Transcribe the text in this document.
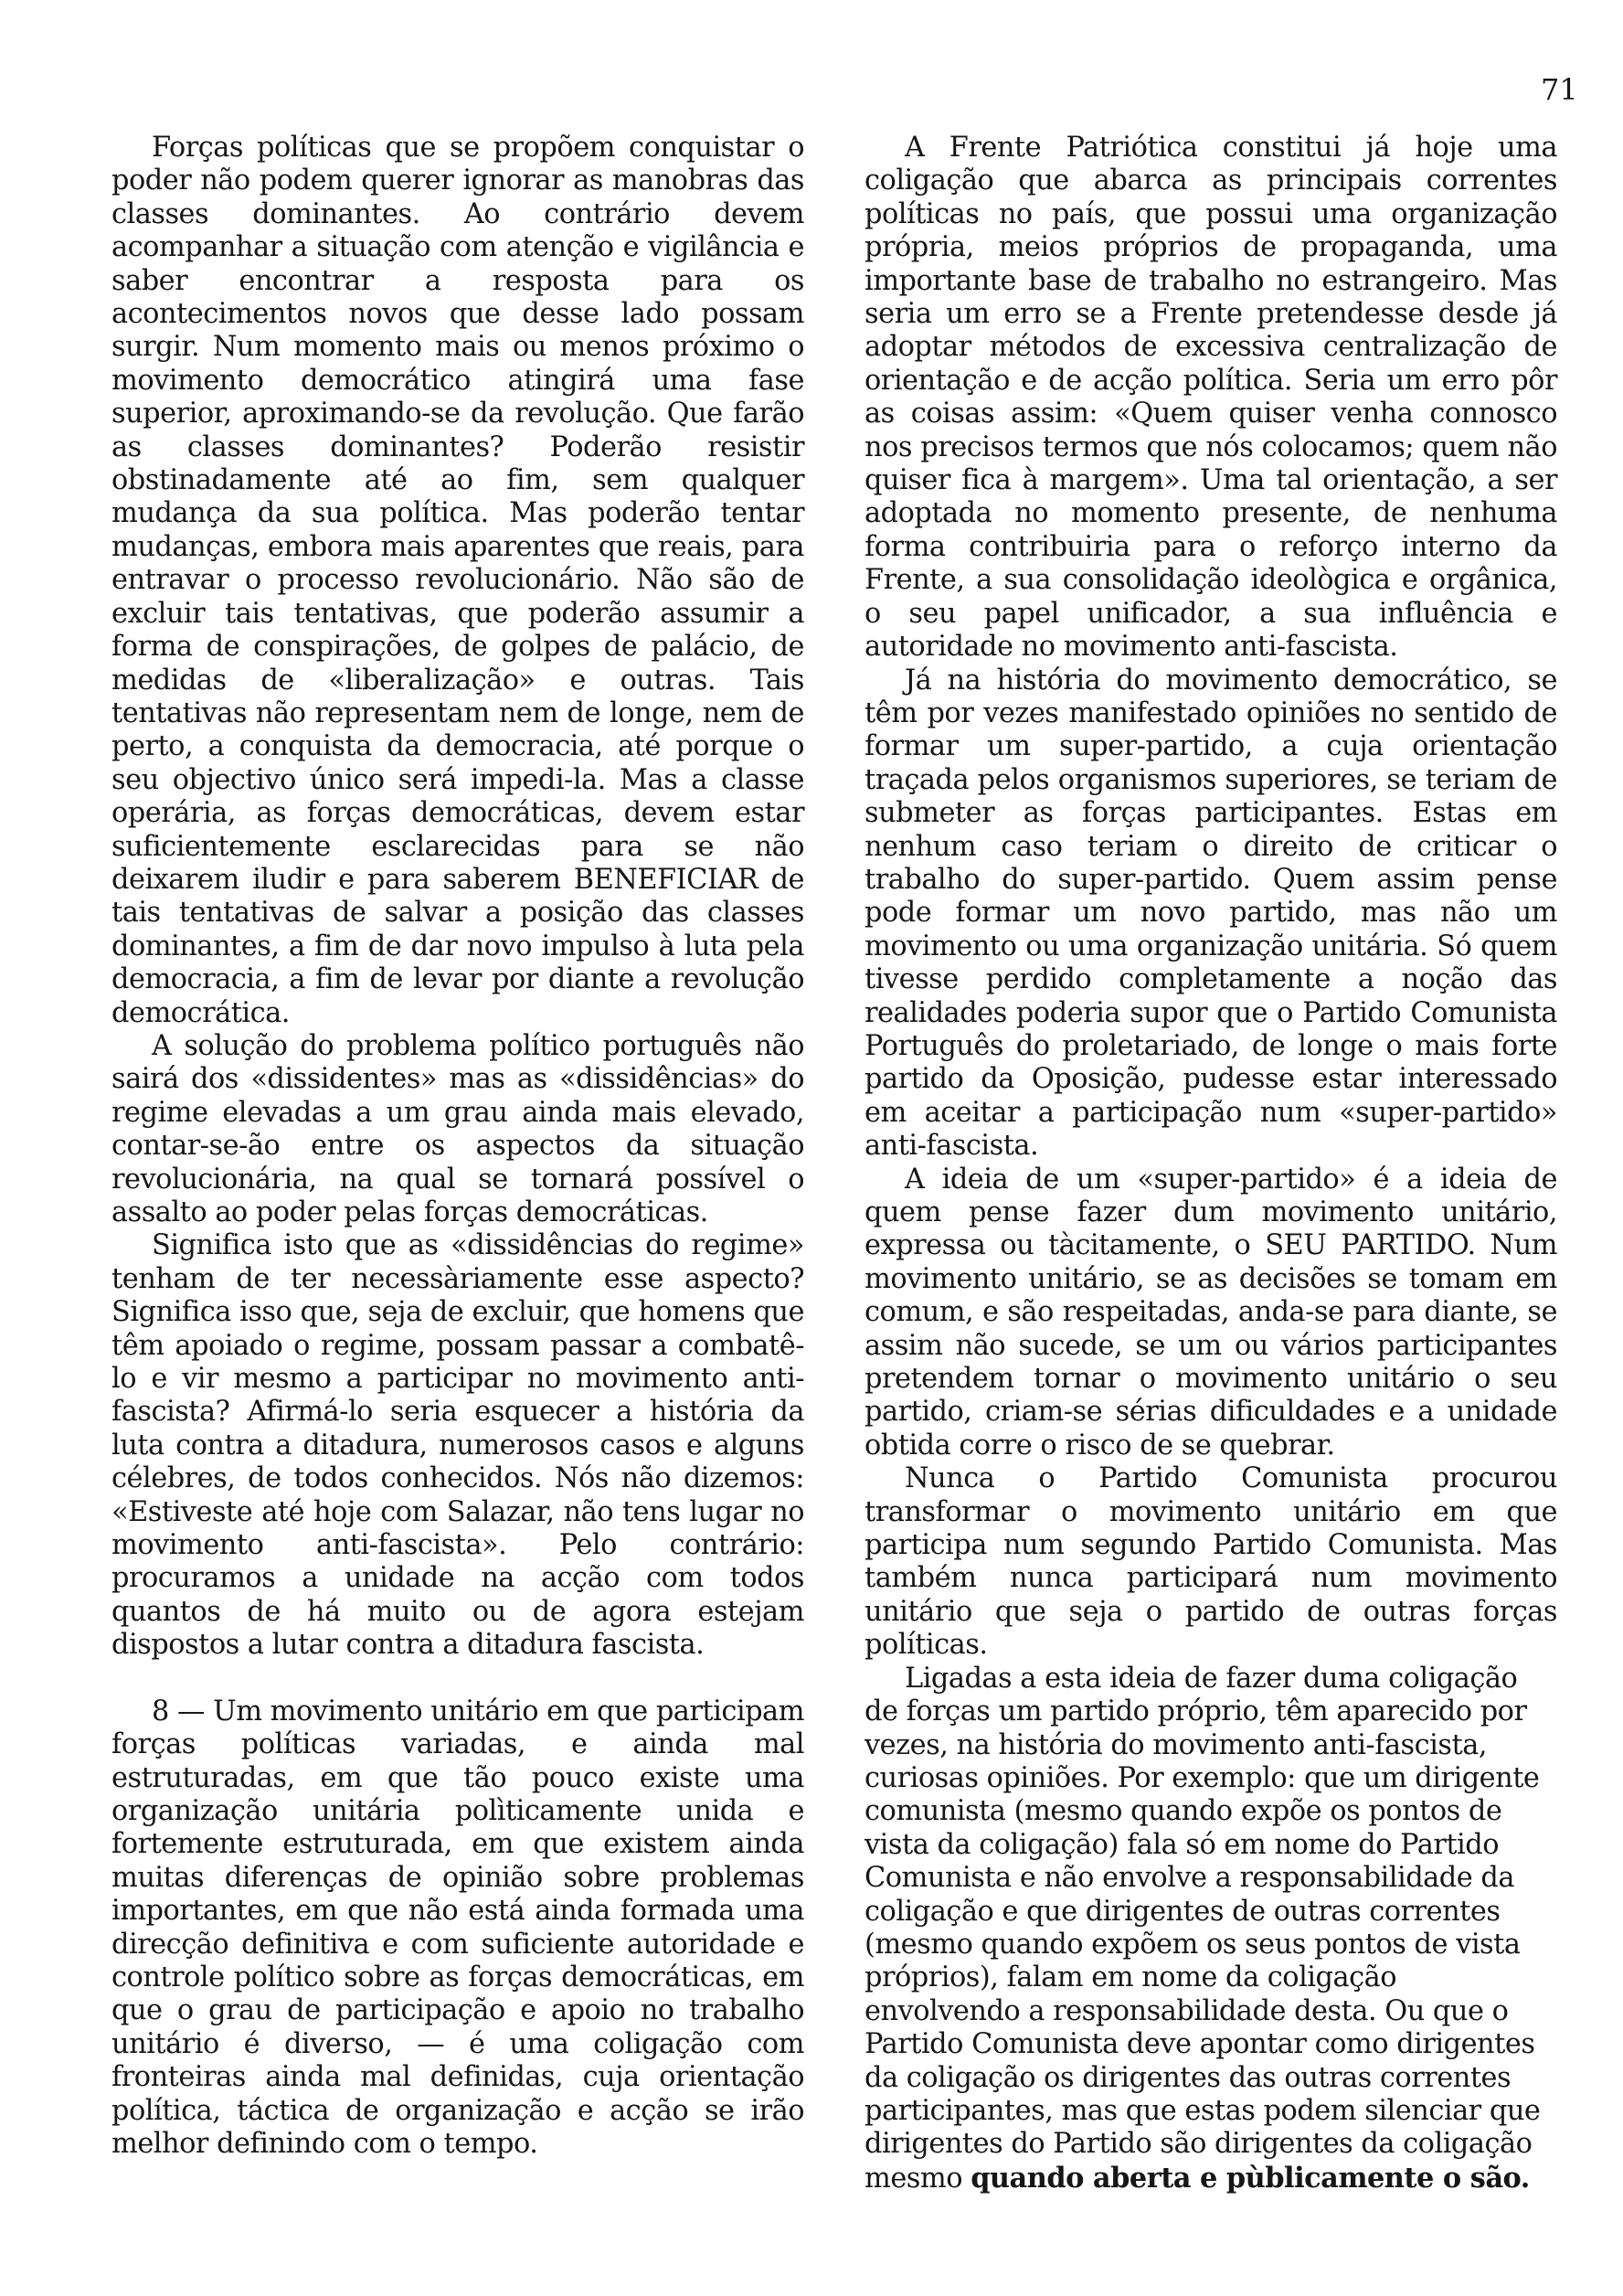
71

Forças políticas que se propõem conquistar o poder não podem querer ignorar as manobras das classes dominantes. Ao contrário devem acompanhar a situação com atenção e vigilância e saber encontrar a resposta para os acontecimentos novos que desse lado possam surgir. Num momento mais ou menos próximo o movimento democrático atingirá uma fase superior, aproximando-se da revolução. Que farão as classes dominantes? Poderão resistir obstinadamente até ao fim, sem qualquer mudança da sua política. Mas poderão tentar mudanças, embora mais aparentes que reais, para entravar o processo revolucionário. Não são de excluir tais tentativas, que poderão assumir a forma de conspirações, de golpes de palácio, de medidas de «liberalização» e outras. Tais tentativas não representam nem de longe, nem de perto, a conquista da democracia, até porque o seu objectivo único será impedi-la. Mas a classe operária, as forças democráticas, devem estar suficientemente esclarecidas para se não deixarem iludir e para saberem BENEFICIAR de tais tentativas de salvar a posição das classes dominantes, a fim de dar novo impulso à luta pela democracia, a fim de levar por diante a revolução democrática.

A solução do problema político português não sairá dos «dissidentes» mas as «dissidências» do regime elevadas a um grau ainda mais elevado, contar-se-ão entre os aspectos da situação revolucionária, na qual se tornará possível o assalto ao poder pelas forças democráticas.

Significa isto que as «dissidências do regime» tenham de ter necessàriamente esse aspecto? Significa isso que, seja de excluir, que homens que têm apoiado o regime, possam passar a combatê-lo e vir mesmo a participar no movimento anti-fascista? Afirmá-lo seria esquecer a história da luta contra a ditadura, numerosos casos e alguns célebres, de todos conhecidos. Nós não dizemos: «Estiveste até hoje com Salazar, não tens lugar no movimento anti-fascista». Pelo contrário: procuramos a unidade na acção com todos quantos de há muito ou de agora estejam dispostos a lutar contra a ditadura fascista.

8 — Um movimento unitário em que participam forças políticas variadas, e ainda mal estruturadas, em que tão pouco existe uma organização unitária polìticamente unida e fortemente estruturada, em que existem ainda muitas diferenças de opinião sobre problemas importantes, em que não está ainda formada uma direcção definitiva e com suficiente autoridade e controle político sobre as forças democráticas, em que o grau de participação e apoio no trabalho unitário é diverso, — é uma coligação com fronteiras ainda mal definidas, cuja orientação política, táctica de organização e acção se irão melhor definindo com o tempo.

A Frente Patriótica constitui já hoje uma coligação que abarca as principais correntes políticas no país, que possui uma organização própria, meios próprios de propaganda, uma importante base de trabalho no estrangeiro. Mas seria um erro se a Frente pretendesse desde já adoptar métodos de excessiva centralização de orientação e de acção política. Seria um erro pôr as coisas assim: «Quem quiser venha connosco nos precisos termos que nós colocamos; quem não quiser fica à margem». Uma tal orientação, a ser adoptada no momento presente, de nenhuma forma contribuiria para o reforço interno da Frente, a sua consolidação ideològica e orgânica, o seu papel unificador, a sua influência e autoridade no movimento anti-fascista.

Já na história do movimento democrático, se têm por vezes manifestado opiniões no sentido de formar um super-partido, a cuja orientação traçada pelos organismos superiores, se teriam de submeter as forças participantes. Estas em nenhum caso teriam o direito de criticar o trabalho do super-partido. Quem assim pense pode formar um novo partido, mas não um movimento ou uma organização unitária. Só quem tivesse perdido completamente a noção das realidades poderia supor que o Partido Comunista Português do proletariado, de longe o mais forte partido da Oposição, pudesse estar interessado em aceitar a participação num «super-partido» anti-fascista.

A ideia de um «super-partido» é a ideia de quem pense fazer dum movimento unitário, expressa ou tàcitamente, o SEU PARTIDO. Num movimento unitário, se as decisões se tomam em comum, e são respeitadas, anda-se para diante, se assim não sucede, se um ou vários participantes pretendem tornar o movimento unitário o seu partido, criam-se sérias dificuldades e a unidade obtida corre o risco de se quebrar.

Nunca o Partido Comunista procurou transformar o movimento unitário em que participa num segundo Partido Comunista. Mas também nunca participará num movimento unitário que seja o partido de outras forças políticas.

Ligadas a esta ideia de fazer duma coligação de forças um partido próprio, têm aparecido por vezes, na história do movimento anti-fascista, curiosas opiniões. Por exemplo: que um dirigente comunista (mesmo quando expõe os pontos de vista da coligação) fala só em nome do Partido Comunista e não envolve a responsabilidade da coligação e que dirigentes de outras correntes (mesmo quando expõem os seus pontos de vista próprios), falam em nome da coligação envolvendo a responsabilidade desta. Ou que o Partido Comunista deve apontar como dirigentes da coligação os dirigentes das outras correntes participantes, mas que estas podem silenciar que dirigentes do Partido são dirigentes da coligação mesmo quando aberta e pùblicamente o são.
